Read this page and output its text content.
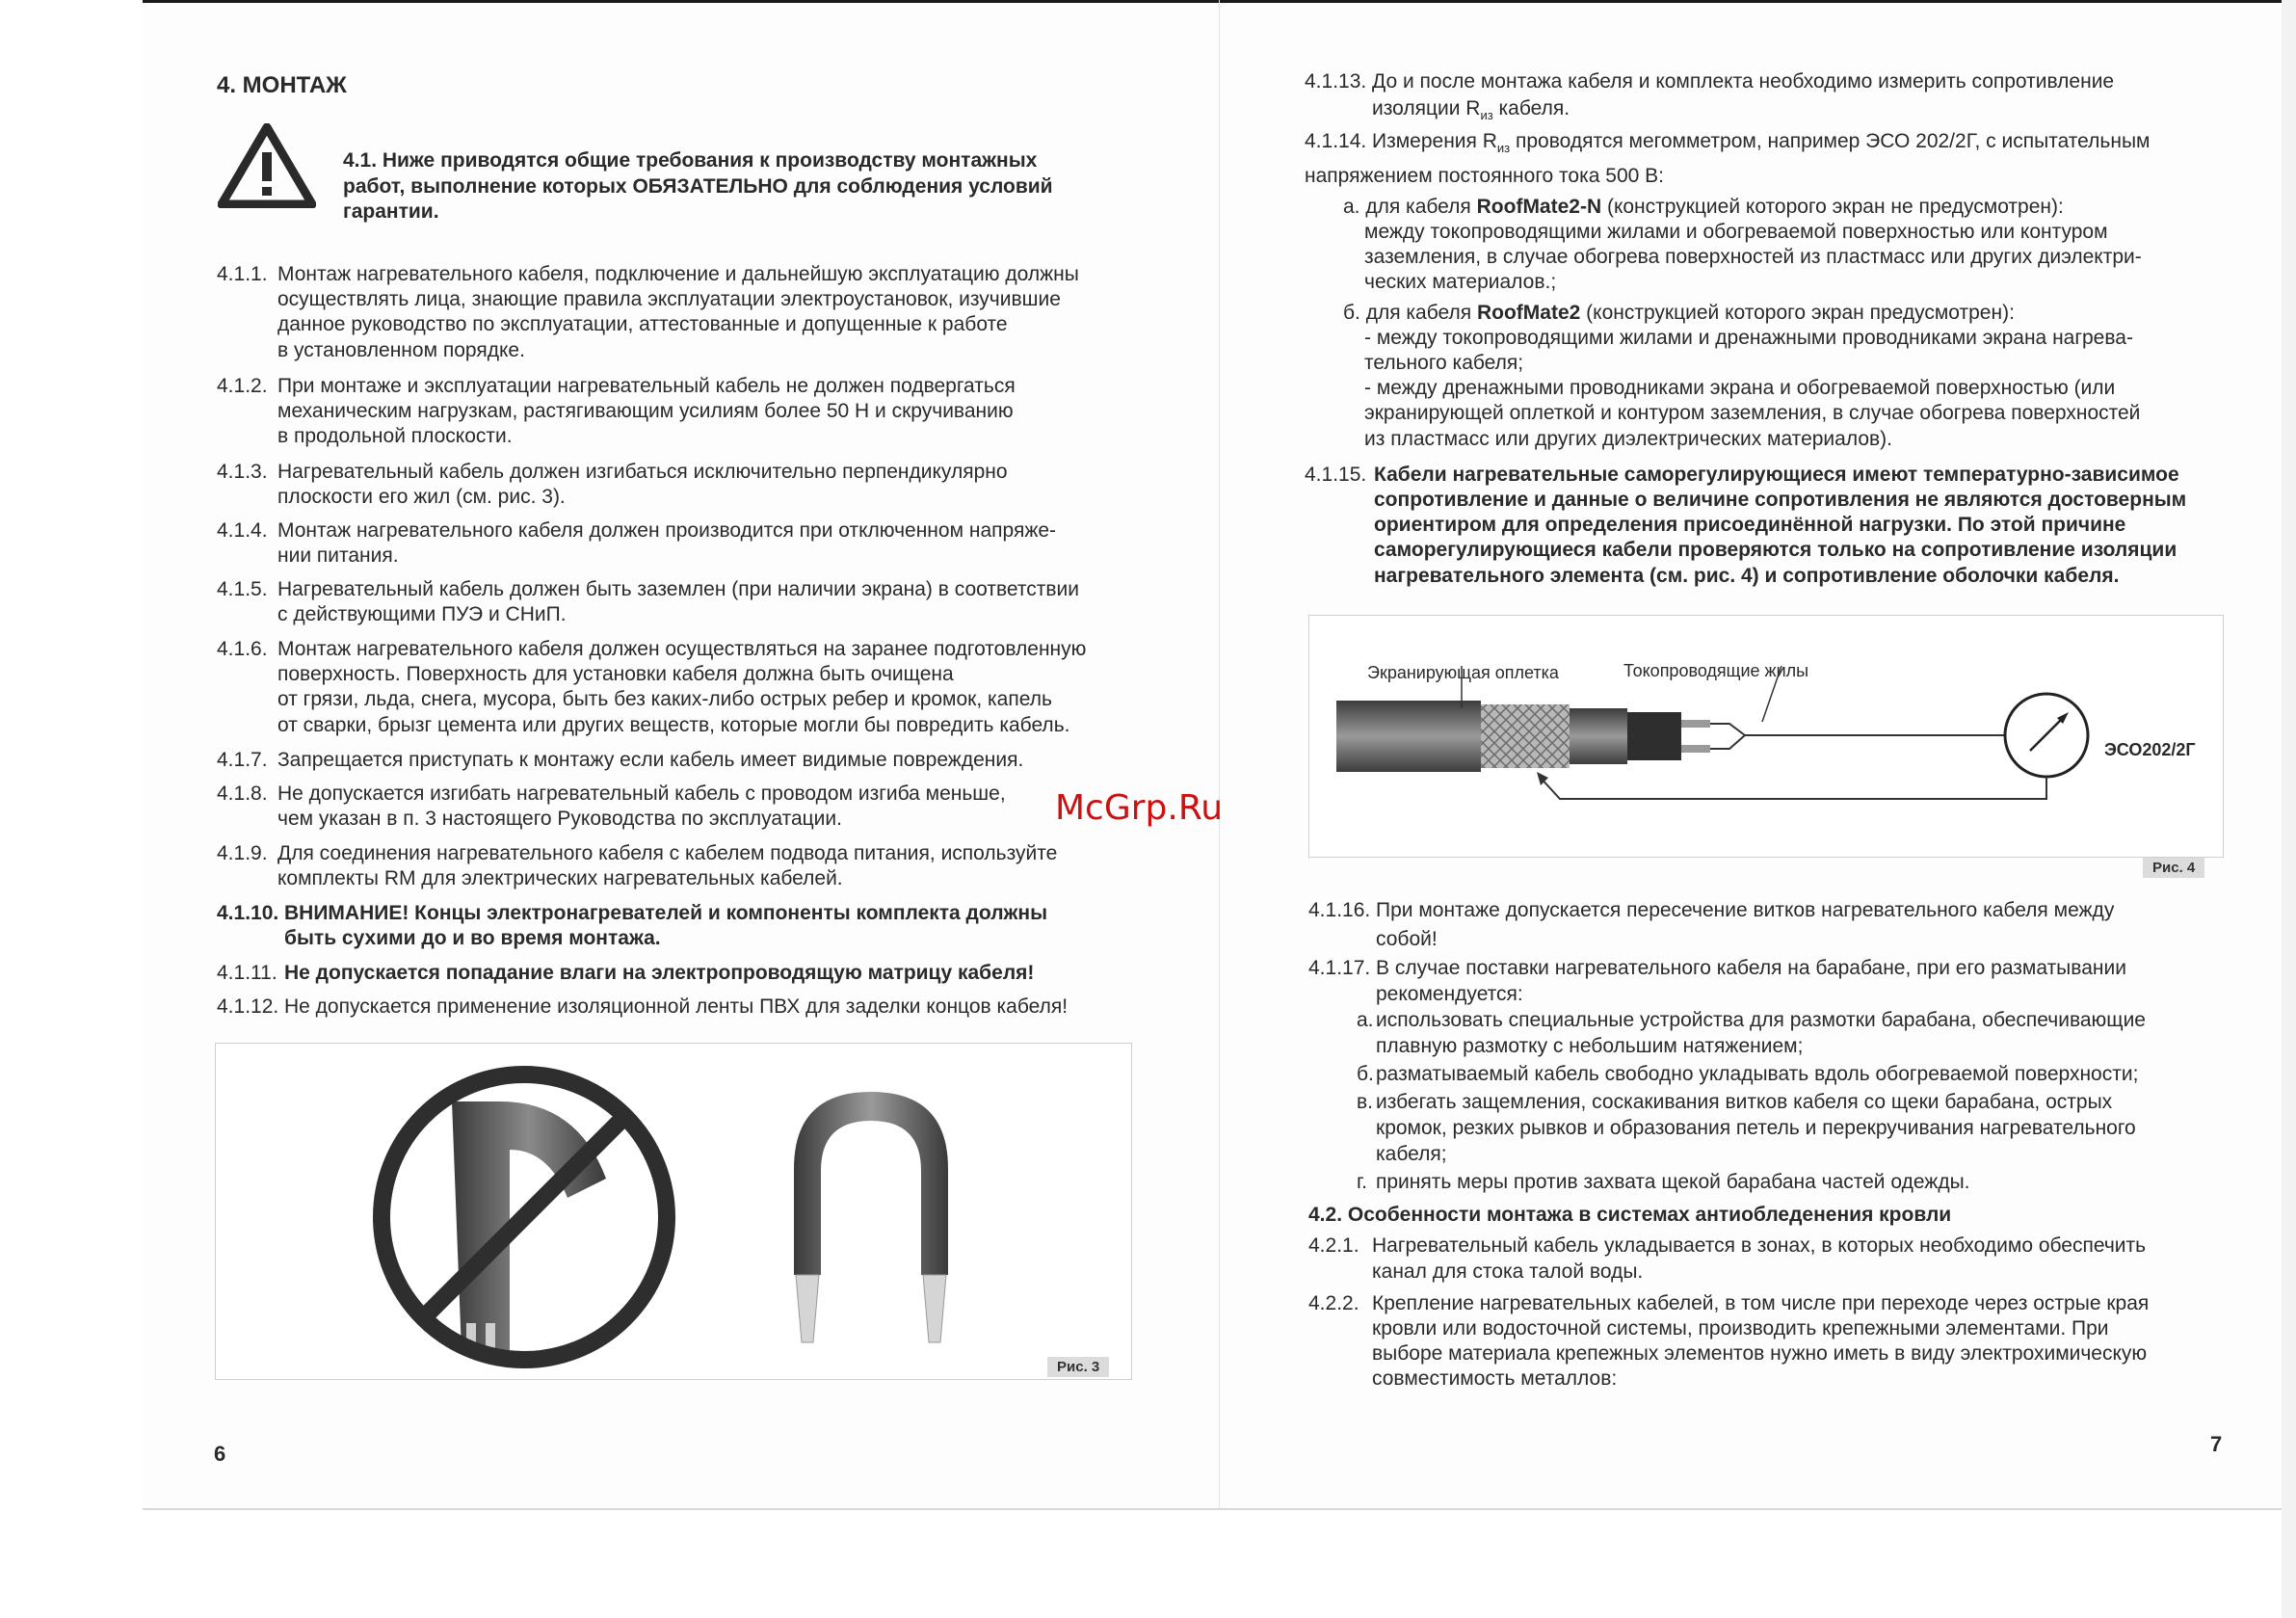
4. МОНТАЖ
4.1. Ниже приводятся общие требования к производству монтажных
работ, выполнение которых ОБЯЗАТЕЛЬНО для соблюдения условий
гарантии.
4.1.1. Монтаж нагревательного кабеля, подключение и дальнейшую эксплуатацию должны
осуществлять лица, знающие правила эксплуатации электроустановок, изучившие
данное руководство по эксплуатации, аттестованные и допущенные к работе
в установленном порядке.
4.1.2. При монтаже и эксплуатации нагревательный кабель не должен подвергаться
механическим нагрузкам, растягивающим усилиям более 50 Н и скручиванию
в продольной плоскости.
4.1.3. Нагревательный кабель должен изгибаться исключительно перпендикулярно
плоскости его жил (см. рис. 3).
4.1.4. Монтаж нагревательного кабеля должен производится при отключенном напряже-
нии питания.
4.1.5. Нагревательный кабель должен быть заземлен (при наличии экрана) в соответствии
с действующими ПУЭ и СНиП.
4.1.6. Монтаж нагревательного кабеля должен осуществляться на заранее подготовленную
поверхность. Поверхность для установки кабеля должна быть очищена
от грязи, льда, снега, мусора, быть без каких-либо острых ребер и кромок, капель
от сварки, брызг цемента или других веществ, которые могли бы повредить кабель.
4.1.7. Запрещается приступать к монтажу если кабель имеет видимые повреждения.
4.1.8. Не допускается изгибать нагревательный кабель с проводом изгиба меньше,
чем указан в п. 3 настоящего Руководства по эксплуатации.
4.1.9. Для соединения нагревательного кабеля с кабелем подвода питания, используйте
комплекты RM для электрических нагревательных кабелей.
4.1.10. ВНИМАНИЕ! Концы электронагревателей и компоненты комплекта должны
быть сухими до и во время монтажа.
4.1.11. Не допускается попадание влаги на электропроводящую матрицу кабеля!
4.1.12. Не допускается применение изоляционной ленты ПВХ для заделки концов кабеля!
Рис. 3
6
4.1.13. До и после монтажа кабеля и комплекта необходимо измерить сопротивление
изоляции $R_{из}$ кабеля.
4.1.14. Измерения $R_{из}$ проводятся мегомметром, например ЭСО 202/2Г, с испытательным
напряжением постоянного тока 500 В:
а. для кабеля RoofMate2-N (конструкцией которого экран не предусмотрен):
между токопроводящими жилами и обогреваемой поверхностью или контуром
заземления, в случае обогрева поверхностей из пластмасс или других диэлектри-
ческих материалов.;
б. для кабеля RoofMate2 (конструкцией которого экран предусмотрен):
- между токопроводящими жилами и дренажными проводниками экрана нагрева-
тельного кабеля;
- между дренажными проводниками экрана и обогреваемой поверхностью (или
экранирующей оплеткой и контуром заземления, в случае обогрева поверхностей
из пластмасс или других диэлектрических материалов).
4.1.15. Кабели нагревательные саморегулирующиеся имеют температурно-зависимое
сопротивление и данные о величине сопротивления не являются достоверным
ориентиром для определения присоединённой нагрузки. По этой причине
саморегулирующиеся кабели проверяются только на сопротивление изоляции
нагревательного элемента (см. рис. 4) и сопротивление оболочки кабеля.
Экранирующая оплетка	Токопроводящие жилы
ЭСО202/2Г
Рис. 4
4.1.16. При монтаже допускается пересечение витков нагревательного кабеля между
собой!
4.1.17. В случае поставки нагревательного кабеля на барабане, при его разматывании
рекомендуется:
а. использовать специальные устройства для размотки барабана, обеспечивающие
плавную размотку с небольшим натяжением;
б. разматываемый кабель свободно укладывать вдоль обогреваемой поверхности;
в. избегать защемления, соскакивания витков кабеля со щеки барабана, острых
кромок, резких рывков и образования петель и перекручивания нагревательного
кабеля;
г. принять меры против захвата щекой барабана частей одежды.
4.2. Особенности монтажа в системах антиобледенения кровли
4.2.1. Нагревательный кабель укладывается в зонах, в которых необходимо обеспечить
канал для стока талой воды.
4.2.2. Крепление нагревательных кабелей, в том числе при переходе через острые края
кровли или водосточной системы, производить крепежными элементами. При
выборе материала крепежных элементов нужно иметь в виду электрохимическую
совместимость металлов:
7
McGrp.Ru
